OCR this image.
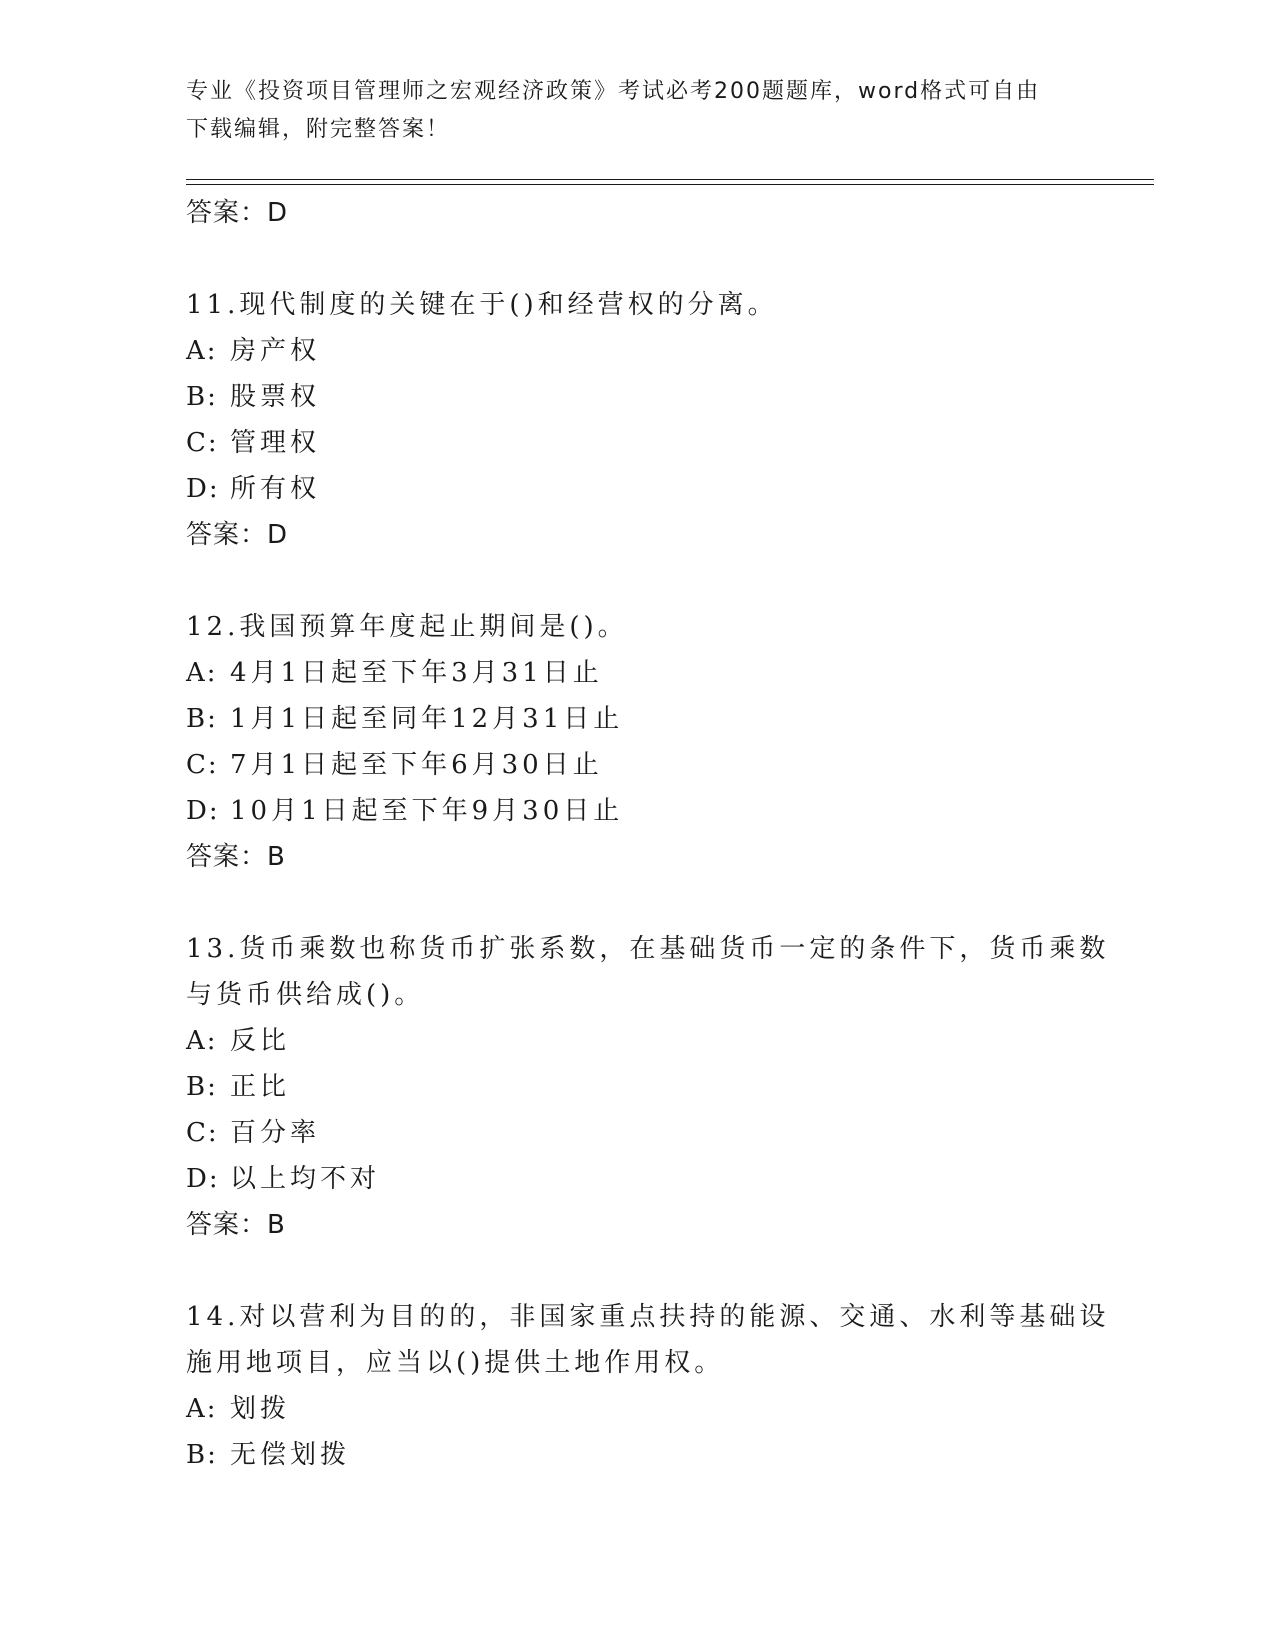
专业《投资项目管理师之宏观经济政策》考试必考200题题库，word格式可自由
下载编辑，附完整答案！
答案：D
11.现代制度的关键在于()和经营权的分离。
A: 房产权
B: 股票权
C: 管理权
D: 所有权
答案：D
12.我国预算年度起止期间是()。
A: 4月1日起至下年3月31日止
B: 1月1日起至同年12月31日止
C: 7月1日起至下年6月30日止
D: 10月1日起至下年9月30日止
答案：B
13.货币乘数也称货币扩张系数，在基础货币一定的条件下，货币乘数
与货币供给成()。
A: 反比
B: 正比
C: 百分率
D: 以上均不对
答案：B
14.对以营利为目的的，非国家重点扶持的能源、交通、水利等基础设
施用地项目，应当以()提供土地作用权。
A: 划拨
B: 无偿划拨
